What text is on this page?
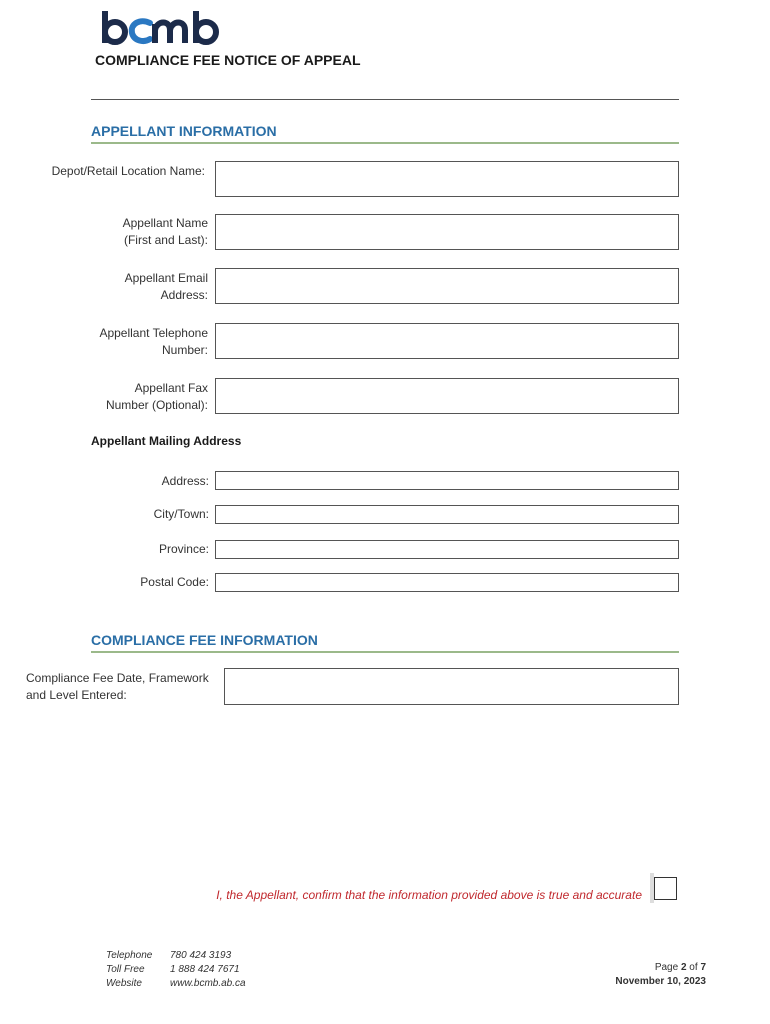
COMPLIANCE FEE NOTICE OF APPEAL
APPELLANT INFORMATION
Depot/Retail Location Name:
Appellant Name
(First and Last):
Appellant Email
Address:
Appellant Telephone
Number:
Appellant Fax
Number (Optional):
Appellant Mailing Address
Address:
City/Town:
Province:
Postal Code:
COMPLIANCE FEE INFORMATION
Compliance Fee Date, Framework
and Level Entered:
I, the Appellant, confirm that the information provided above is true and accurate
Telephone
Toll Free
Website
780 424 3193
1 888 424 7671
www.bcmb.ab.ca
Page 2 of 7
November 10, 2023
